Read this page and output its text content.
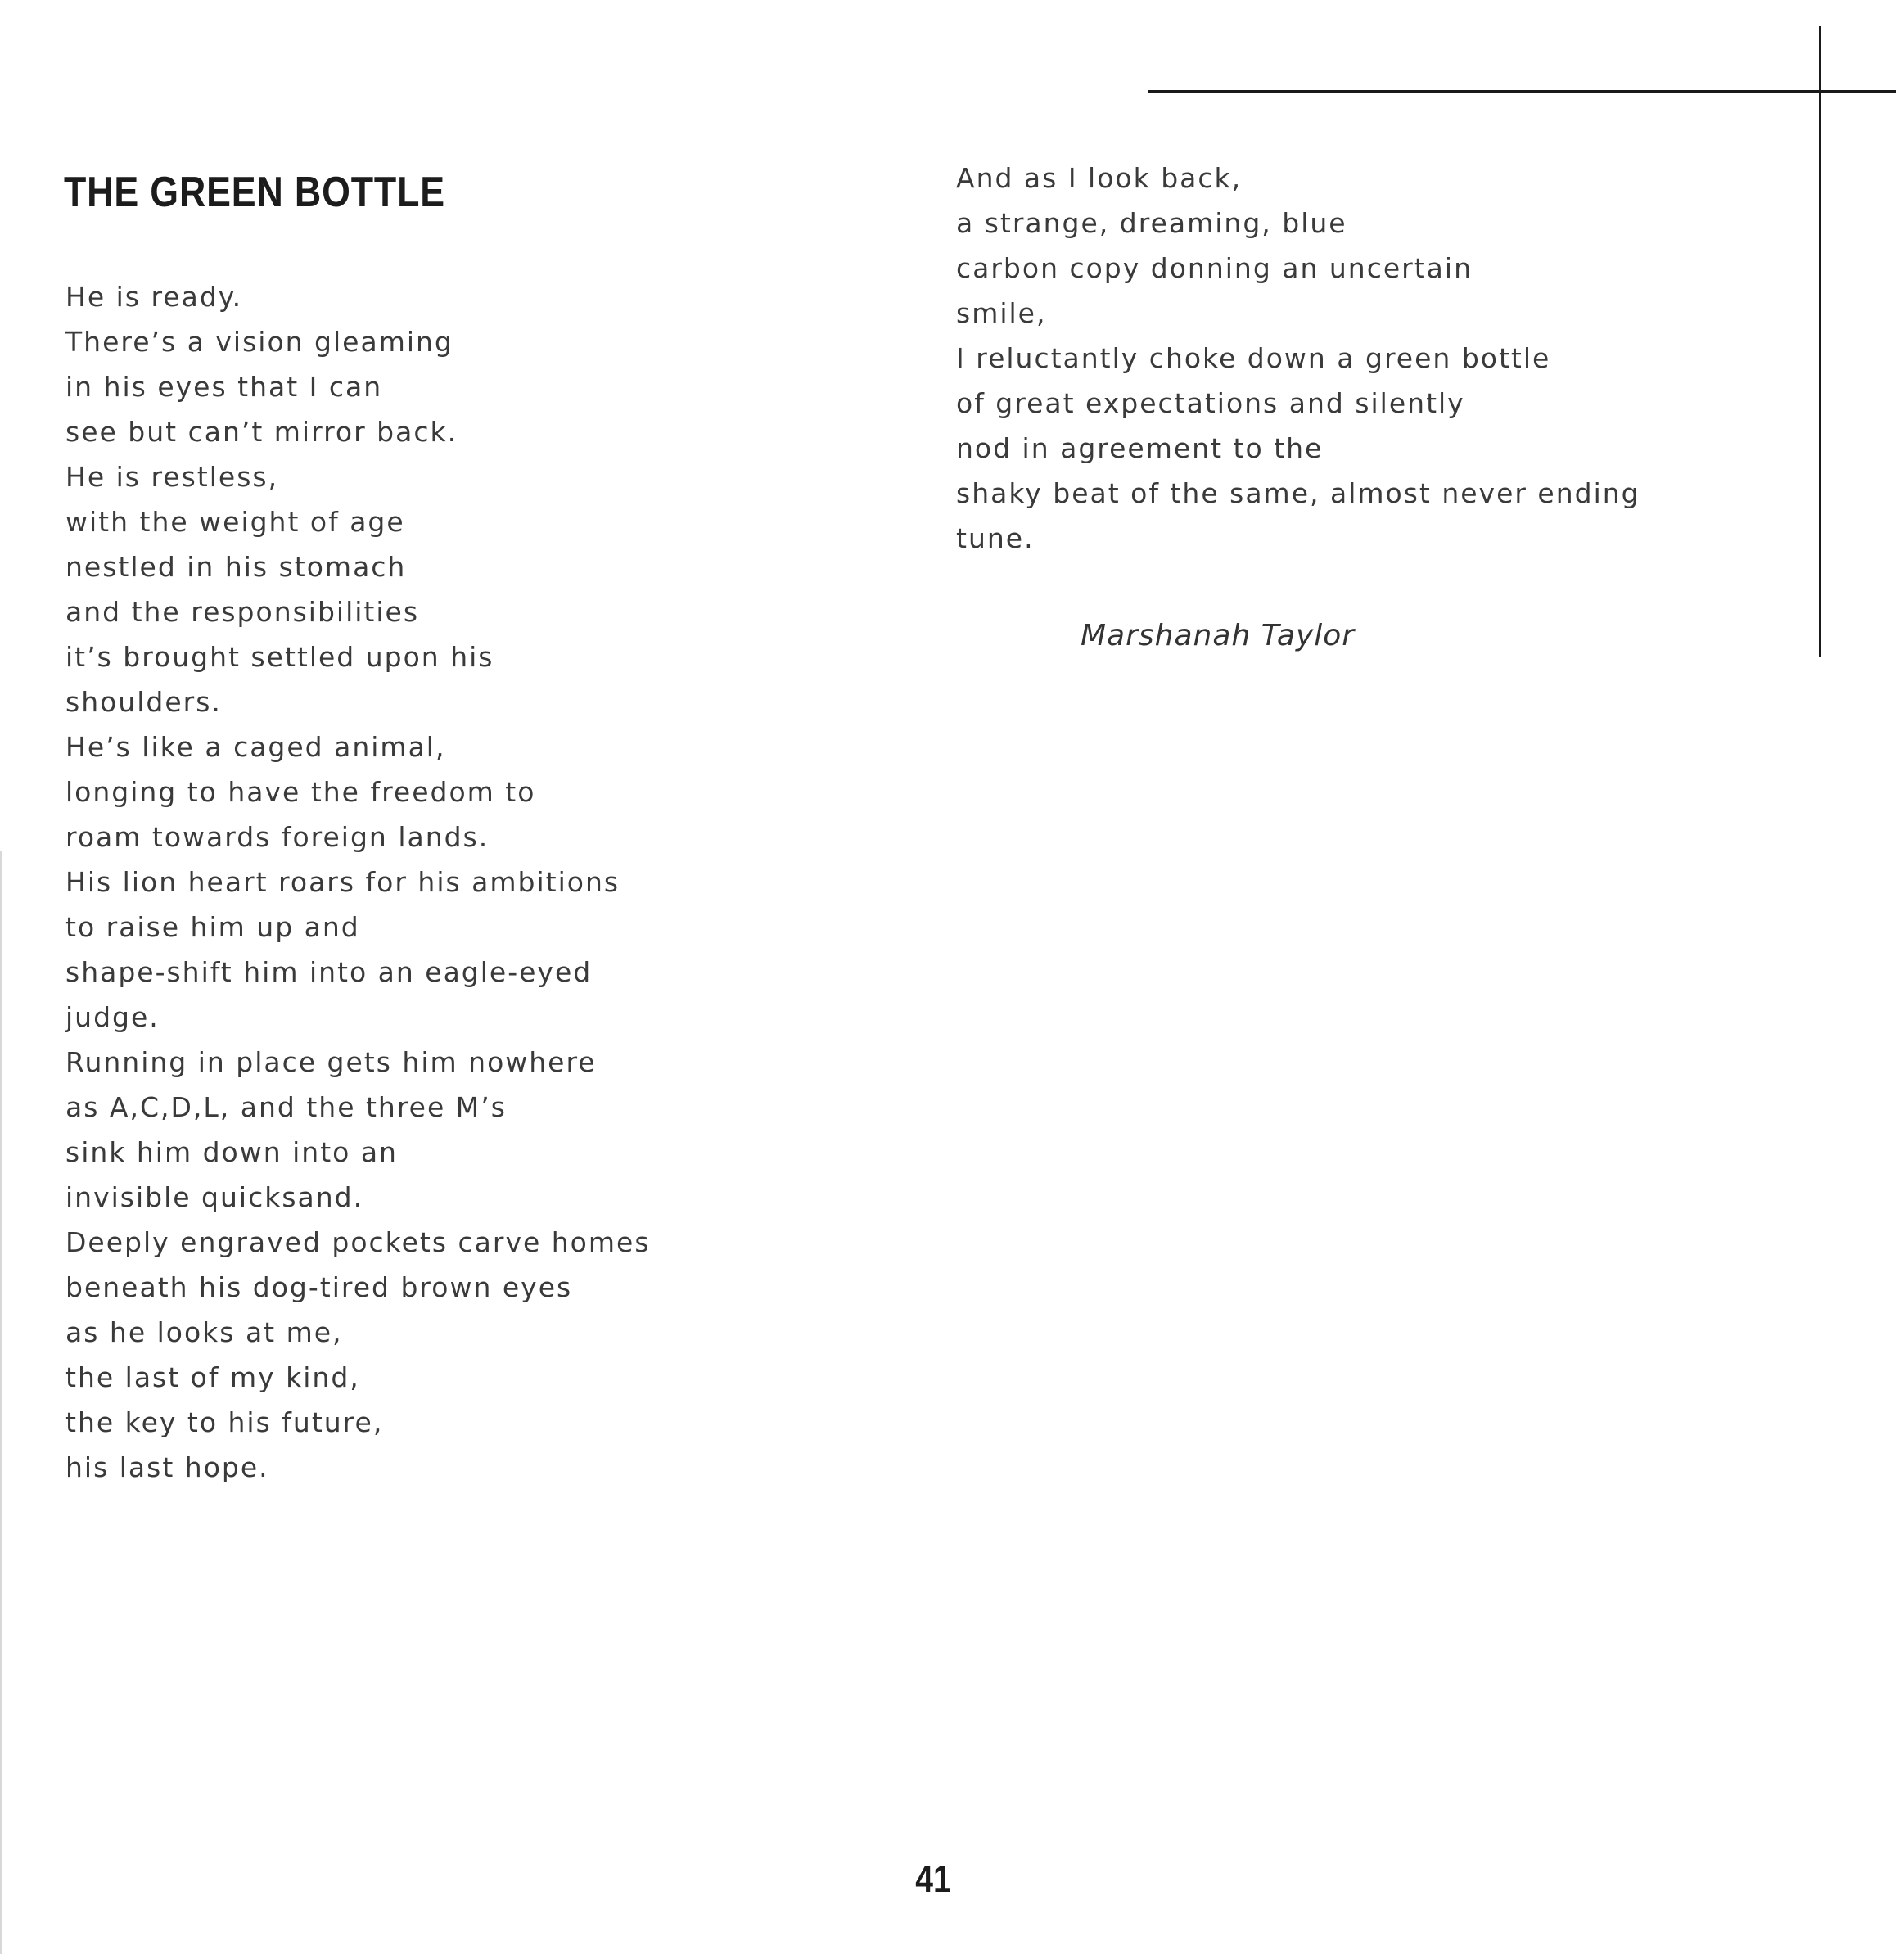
THE GREEN BOTTLE
He is ready.
There’s a vision gleaming
in his eyes that I can
see but can’t mirror back.
He is restless,
with the weight of age
nestled in his stomach
and the responsibilities
it’s brought settled upon his
shoulders.
He’s like a caged animal,
longing to have the freedom to
roam towards foreign lands.
His lion heart roars for his ambitions
to raise him up and
shape-shift him into an eagle-eyed
judge.
Running in place gets him nowhere
as A,C,D,L, and the three M’s
sink him down into an
invisible quicksand.
Deeply engraved pockets carve homes
beneath his dog-tired brown eyes
as he looks at me,
the last of my kind,
the key to his future,
his last hope.
And as I look back,
a strange, dreaming, blue
carbon copy donning an uncertain
smile,
I reluctantly choke down a green bottle
of great expectations and silently
nod in agreement to the
shaky beat of the same, almost never ending
tune.
Marshanah Taylor
41
